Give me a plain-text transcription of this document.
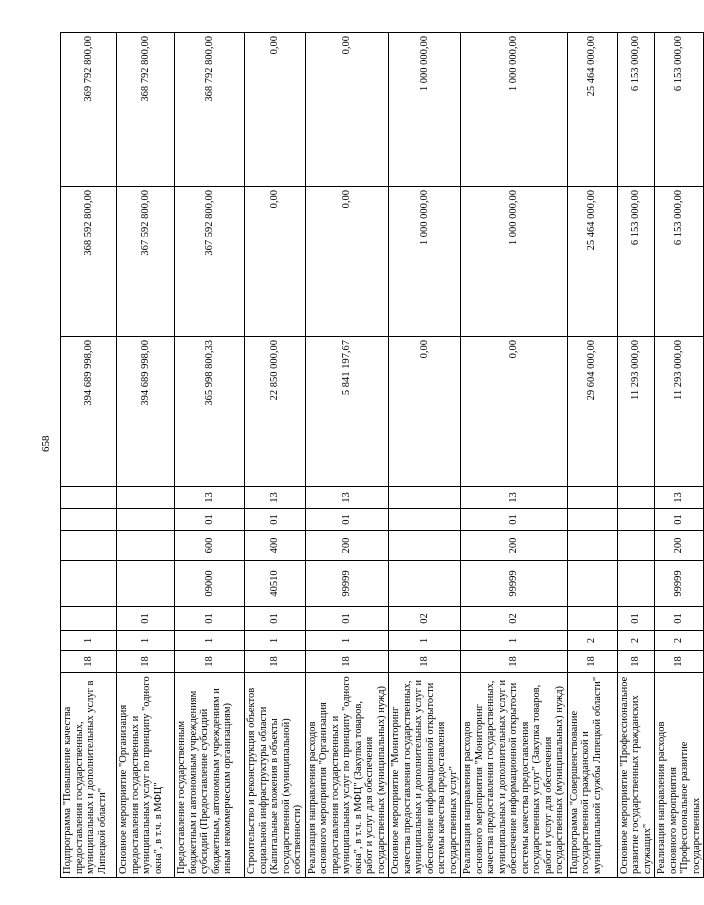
658
Подпрограмма "Повышение качества предоставления государственных, муниципальных и дополнительных услуг в Липецкой области"	18	1						394 689 998,00	368 592 800,00	369 792 800,00
Основное мероприятие "Организация предоставления государственных и муниципальных услуг по принципу "одного окна", в т.ч. в МФЦ"	18	1	01					394 689 998,00	367 592 800,00	368 792 800,00
Предоставление государственным бюджетным и автономным учреждениям субсидий (Предоставление субсидий бюджетным, автономным учреждениям и иным некоммерческим организациям)	18	1	01	09000	600	01	13	365 998 800,33	367 592 800,00	368 792 800,00
Строительство и реконструкция объектов социальной инфраструктуры области (Капитальные вложения в объекты государственной (муниципальной) собственности)	18	1	01	40510	400	01	13	22 850 000,00	0,00	0,00
Реализация направления расходов основного мероприятия "Организация предоставления государственных и муниципальных услуг по принципу "одного окна", в т.ч. в МФЦ" (Закупка товаров, работ и услуг для обеспечения государственных (муниципальных) нужд)	18	1	01	99999	200	01	13	5 841 197,67	0,00	0,00
Основное мероприятие "Мониторинг качества предоставления государственных, муниципальных и дополнительных услуг и обеспечение информационной открытости системы качества предоставления государственных услуг"	18	1	02					0,00	1 000 000,00	1 000 000,00
Реализация направления расходов основного мероприятия "Мониторинг качества предоставления государственных, муниципальных и дополнительных услуг и обеспечение информационной открытости системы качества предоставления государственных услуг" (Закупка товаров, работ и услуг для обеспечения государственных (муниципальных) нужд)	18	1	02	99999	200	01	13	0,00	1 000 000,00	1 000 000,00
Подпрограмма "Совершенствование государственной гражданской и муниципальной службы Липецкой области"	18	2						29 604 000,00	25 464 000,00	25 464 000,00
Основное мероприятие "Профессиональное развитие государственных гражданских служащих"	18	2	01					11 293 000,00	6 153 000,00	6 153 000,00
Реализация направления расходов основного мероприятия "Профессиональное развитие государственных	18	2	01	99999	200	01	13	11 293 000,00	6 153 000,00	6 153 000,00
